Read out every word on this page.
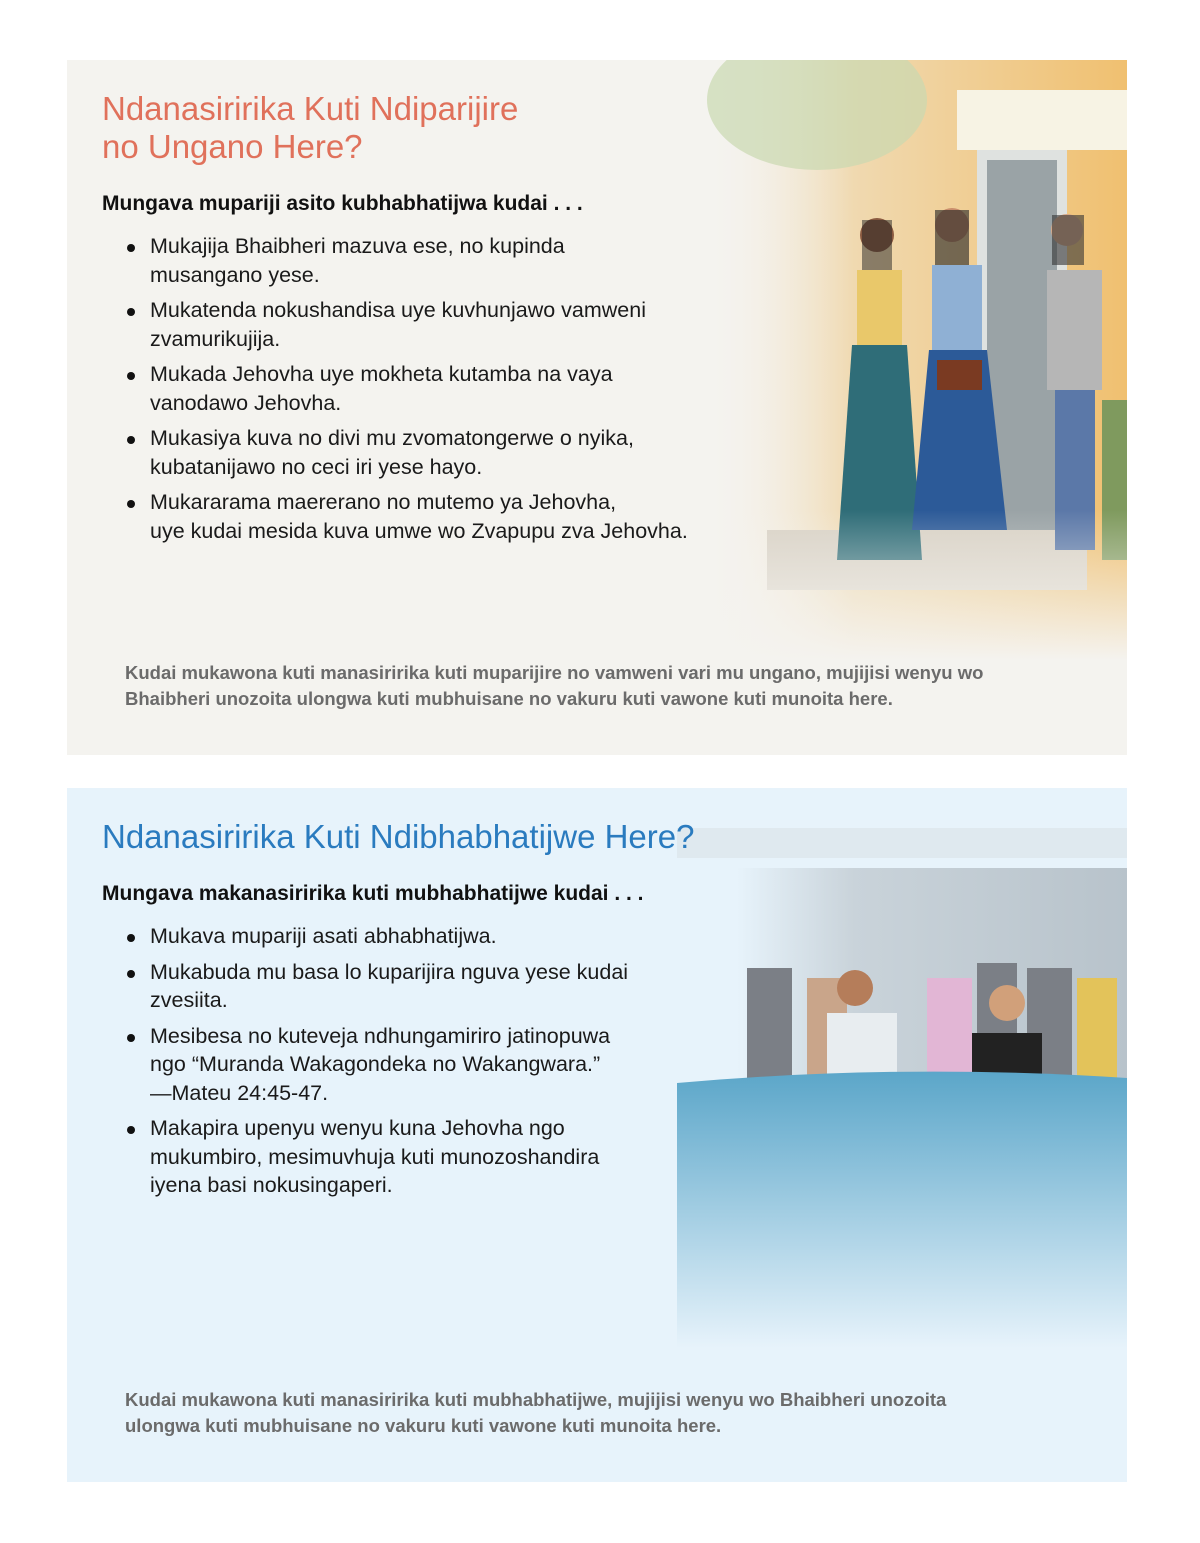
Ndanasiririka Kuti Ndiparijire
no Ungano Here?
Mungava mupariji asito kubhabhatijwa kudai . . .
Mukajija Bhaibheri mazuva ese, no kupinda
musangano yese.
Mukatenda nokushandisa uye kuvhunjawo vamweni
zvamurikujija.
Mukada Jehovha uye mokheta kutamba na vaya
vanodawo Jehovha.
Mukasiya kuva no divi mu zvomatongerwe o nyika,
kubatanijawo no ceci iri yese hayo.
Mukararama maererano no mutemo ya Jehovha,
uye kudai mesida kuva umwe wo Zvapupu zva Jehovha.
Kudai mukawona kuti manasiririka kuti muparijire no vamweni vari mu ungano, mujijisi wenyu wo
Bhaibheri unozoita ulongwa kuti mubhuisane no vakuru kuti vawone kuti munoita here.
Ndanasiririka Kuti Ndibhabhatijwe Here?
Mungava makanasiririka kuti mubhabhatijwe kudai . . .
Mukava mupariji asati abhabhatijwa.
Mukabuda mu basa lo kuparijira nguva yese kudai
zvesiita.
Mesibesa no kuteveja ndhungamiriro jatinopuwa
ngo “Muranda Wakagondeka no Wakangwara.”
—Mateu 24:45-47.
Makapira upenyu wenyu kuna Jehovha ngo
mukumbiro, mesimuvhuja kuti munozoshandira
iyena basi nokusingaperi.
Kudai mukawona kuti manasiririka kuti mubhabhatijwe, mujijisi wenyu wo Bhaibheri unozoita
ulongwa kuti mubhuisane no vakuru kuti vawone kuti munoita here.
